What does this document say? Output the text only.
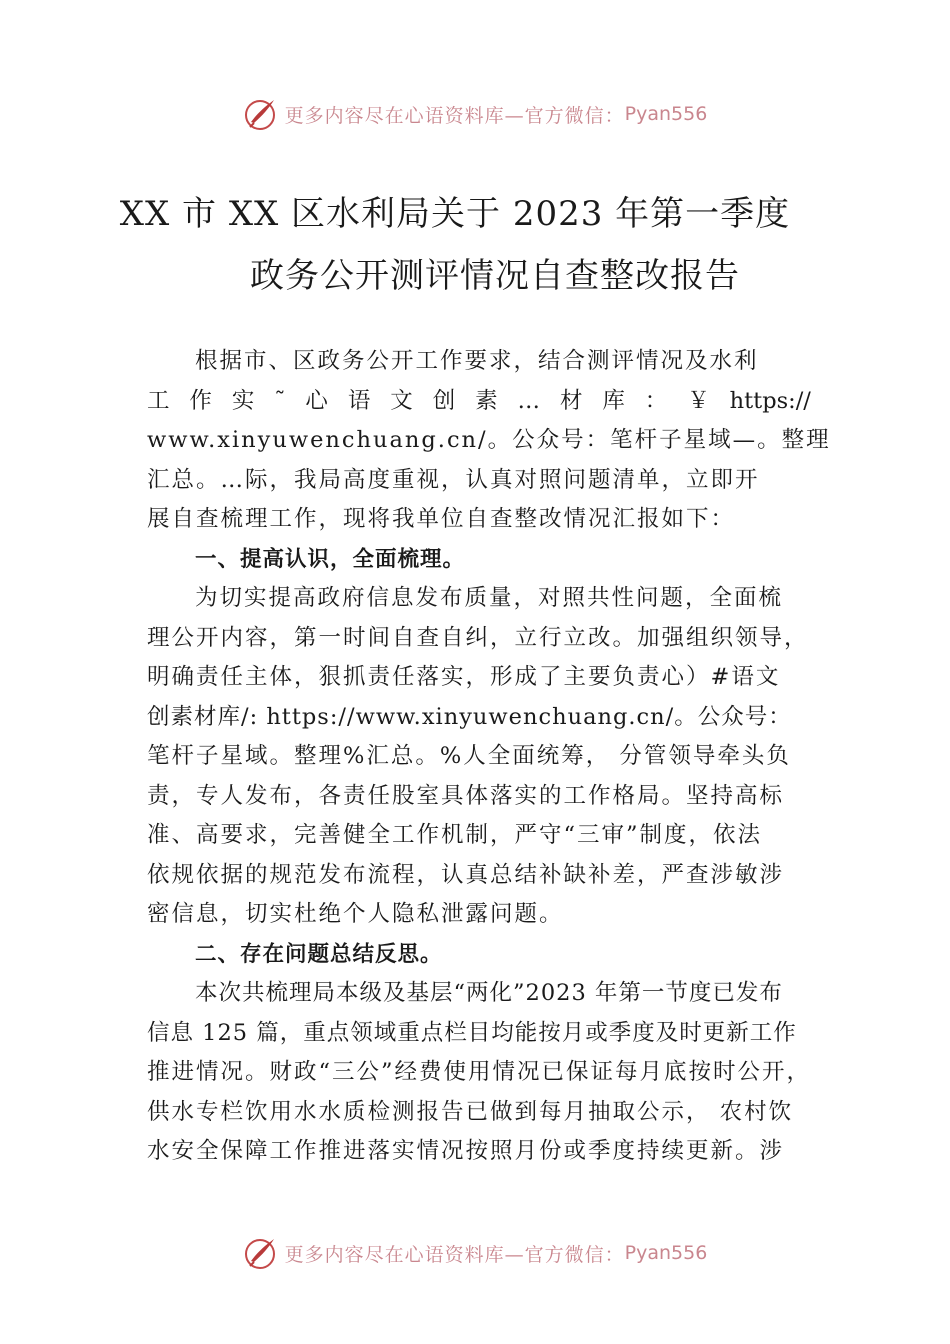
更多内容尽在心语资料库—官方微信： Pyan556
XX 市 XX 区水利局关于 2023 年第一季度
政务公开测评情况自查整改报告
根据市、区政务公开工作要求，结合测评情况及水利
工 作 实 ˜ 心 语 文 创 素 … 材 库 ： ￥ https://
www.xinyuwenchuang.cn/。公众号：笔杆子星域—。整理
汇总。…际，我局高度重视，认真对照问题清单，立即开
展自查梳理工作，现将我单位自查整改情况汇报如下：
一、提高认识，全面梳理。
为切实提高政府信息发布质量，对照共性问题，全面梳
理公开内容，第一时间自查自纠，立行立改。加强组织领导，
明确责任主体，狠抓责任落实，形成了主要负责心）#语文
创素材库/: https://www.xinyuwenchuang.cn/。公众号：
笔杆子星域。整理%汇总。%人全面统筹， 分管领导牵头负
责，专人发布，各责任股室具体落实的工作格局。坚持高标
准、高要求，完善健全工作机制，严守“三审”制度，依法
依规依据的规范发布流程，认真总结补缺补差，严查涉敏涉
密信息，切实杜绝个人隐私泄露问题。
二、存在问题总结反思。
本次共梳理局本级及基层“两化”2023 年第一节度已发布
信息 125 篇，重点领域重点栏目均能按月或季度及时更新工作
推进情况。财政“三公”经费使用情况已保证每月底按时公开，
供水专栏饮用水水质检测报告已做到每月抽取公示， 农村饮
水安全保障工作推进落实情况按照月份或季度持续更新。涉
更多内容尽在心语资料库—官方微信： Pyan556
